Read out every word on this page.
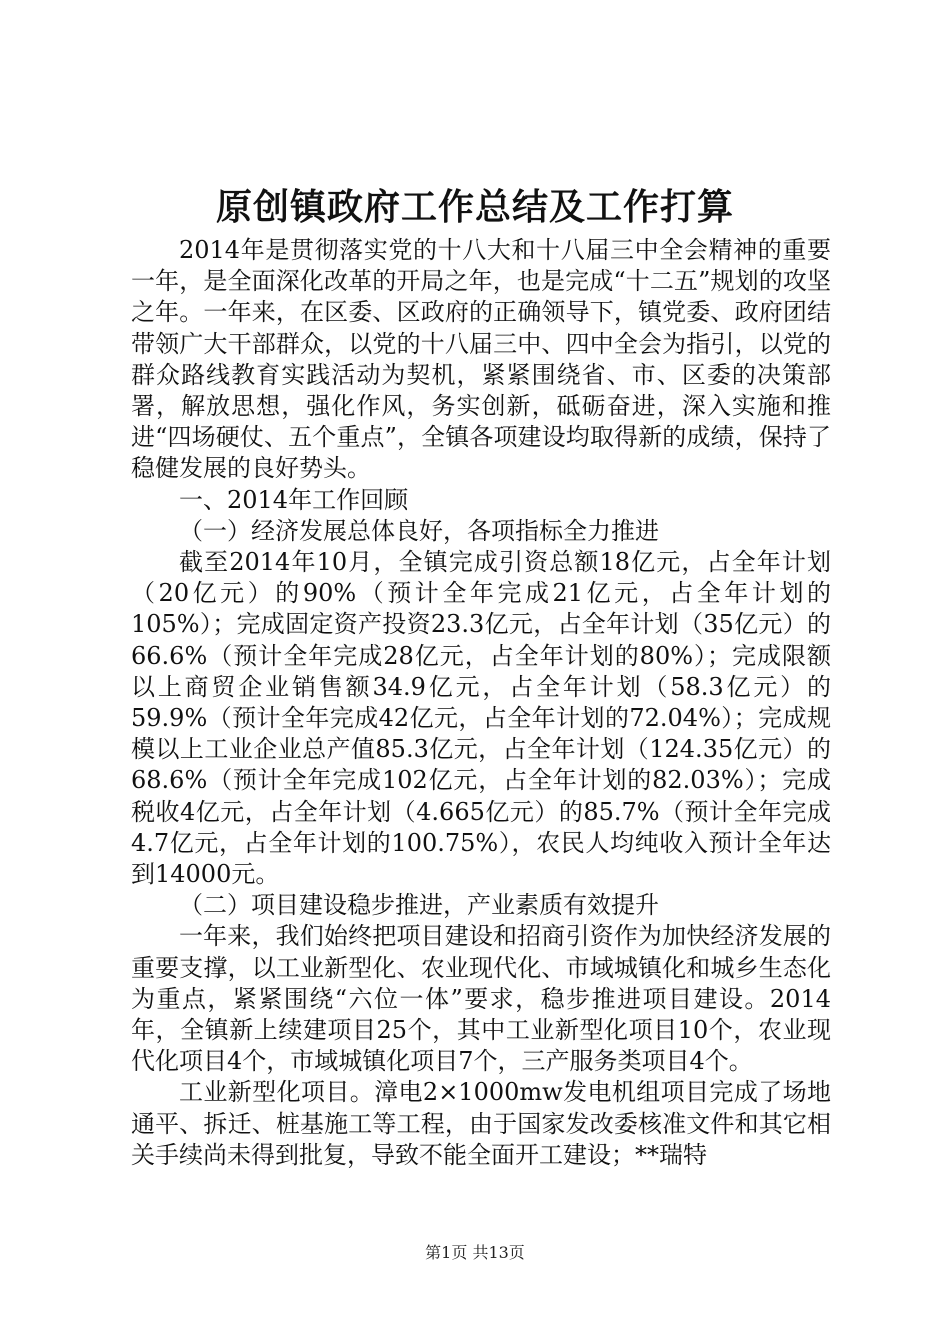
原创镇政府工作总结及工作打算

2014年是贯彻落实党的十八大和十八届三中全会精神的重要一年，是全面深化改革的开局之年，也是完成“十二五”规划的攻坚之年。一年来，在区委、区政府的正确领导下，镇党委、政府团结带领广大干部群众，以党的十八届三中、四中全会为指引，以党的群众路线教育实践活动为契机，紧紧围绕省、市、区委的决策部署，解放思想，强化作风，务实创新，砥砺奋进，深入实施和推进“四场硬仗、五个重点”，全镇各项建设均取得新的成绩，保持了稳健发展的良好势头。

一、2014年工作回顾

（一）经济发展总体良好，各项指标全力推进

截至2014年10月，全镇完成引资总额18亿元，占全年计划（20亿元）的90%（预计全年完成21亿元，占全年计划的105%）；完成固定资产投资23.3亿元，占全年计划（35亿元）的66.6%（预计全年完成28亿元，占全年计划的80%）；完成限额以上商贸企业销售额34.9亿元，占全年计划（58.3亿元）的59.9%（预计全年完成42亿元，占全年计划的72.04%）；完成规模以上工业企业总产值85.3亿元，占全年计划（124.35亿元）的68.6%（预计全年完成102亿元，占全年计划的82.03%）；完成税收4亿元，占全年计划（4.665亿元）的85.7%（预计全年完成4.7亿元，占全年计划的100.75%），农民人均纯收入预计全年达到14000元。

（二）项目建设稳步推进，产业素质有效提升

一年来，我们始终把项目建设和招商引资作为加快经济发展的重要支撑，以工业新型化、农业现代化、市域城镇化和城乡生态化为重点，紧紧围绕“六位一体”要求，稳步推进项目建设。2014年，全镇新上续建项目25个，其中工业新型化项目10个，农业现代化项目4个，市域城镇化项目7个，三产服务类项目4个。

工业新型化项目。漳电2×1000mw发电机组项目完成了场地通平、拆迁、桩基施工等工程，由于国家发改委核准文件和其它相关手续尚未得到批复，导致不能全面开工建设；**瑞特

第1页 共13页
